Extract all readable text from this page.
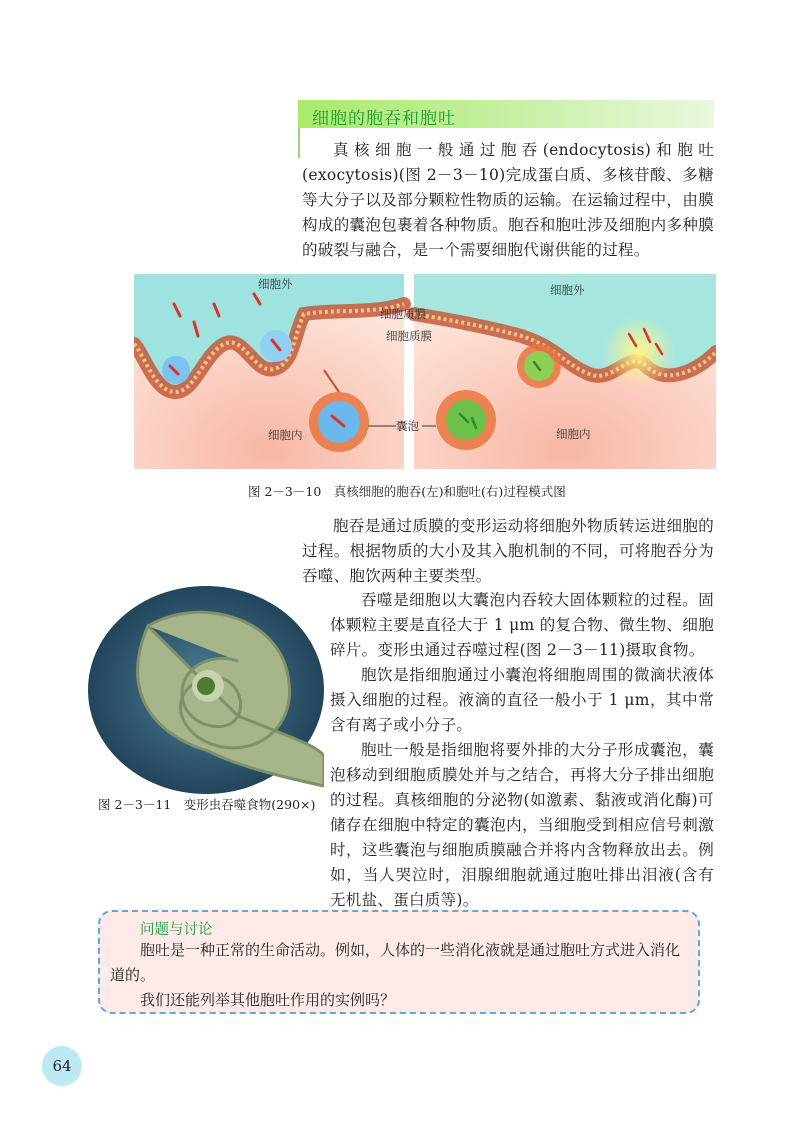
细胞的胞吞和胞吐

真核细胞一般通过胞吞(endocytosis)和胞吐(exocytosis)(图 2－3－10)完成蛋白质、多核苷酸、多糖等大分子以及部分颗粒性物质的运输。在运输过程中，由膜构成的囊泡包裹着各种物质。胞吞和胞吐涉及细胞内多种膜的破裂与融合，是一个需要细胞代谢供能的过程。

细胞外
细胞内
细胞外
细胞质膜
细胞质膜
细胞内
囊泡
图 2－3－10　真核细胞的胞吞(左)和胞吐(右)过程模式图

胞吞是通过质膜的变形运动将细胞外物质转运进细胞的过程。根据物质的大小及其入胞机制的不同，可将胞吞分为吞噬、胞饮两种主要类型。

图 2－3－11　变形虫吞噬食物(290×)

吞噬是细胞以大囊泡内吞较大固体颗粒的过程。固体颗粒主要是直径大于 1 μm 的复合物、微生物、细胞碎片。变形虫通过吞噬过程(图 2－3－11)摄取食物。

胞饮是指细胞通过小囊泡将细胞周围的微滴状液体摄入细胞的过程。液滴的直径一般小于 1 μm，其中常含有离子或小分子。

胞吐一般是指细胞将要外排的大分子形成囊泡，囊泡移动到细胞质膜处并与之结合，再将大分子排出细胞的过程。真核细胞的分泌物(如激素、黏液或消化酶)可储存在细胞中特定的囊泡内，当细胞受到相应信号刺激时，这些囊泡与细胞质膜融合并将内含物释放出去。例如，当人哭泣时，泪腺细胞就通过胞吐排出泪液(含有无机盐、蛋白质等)。

问题与讨论

胞吐是一种正常的生命活动。例如，人体的一些消化液就是通过胞吐方式进入消化道的。

我们还能列举其他胞吐作用的实例吗？

64
